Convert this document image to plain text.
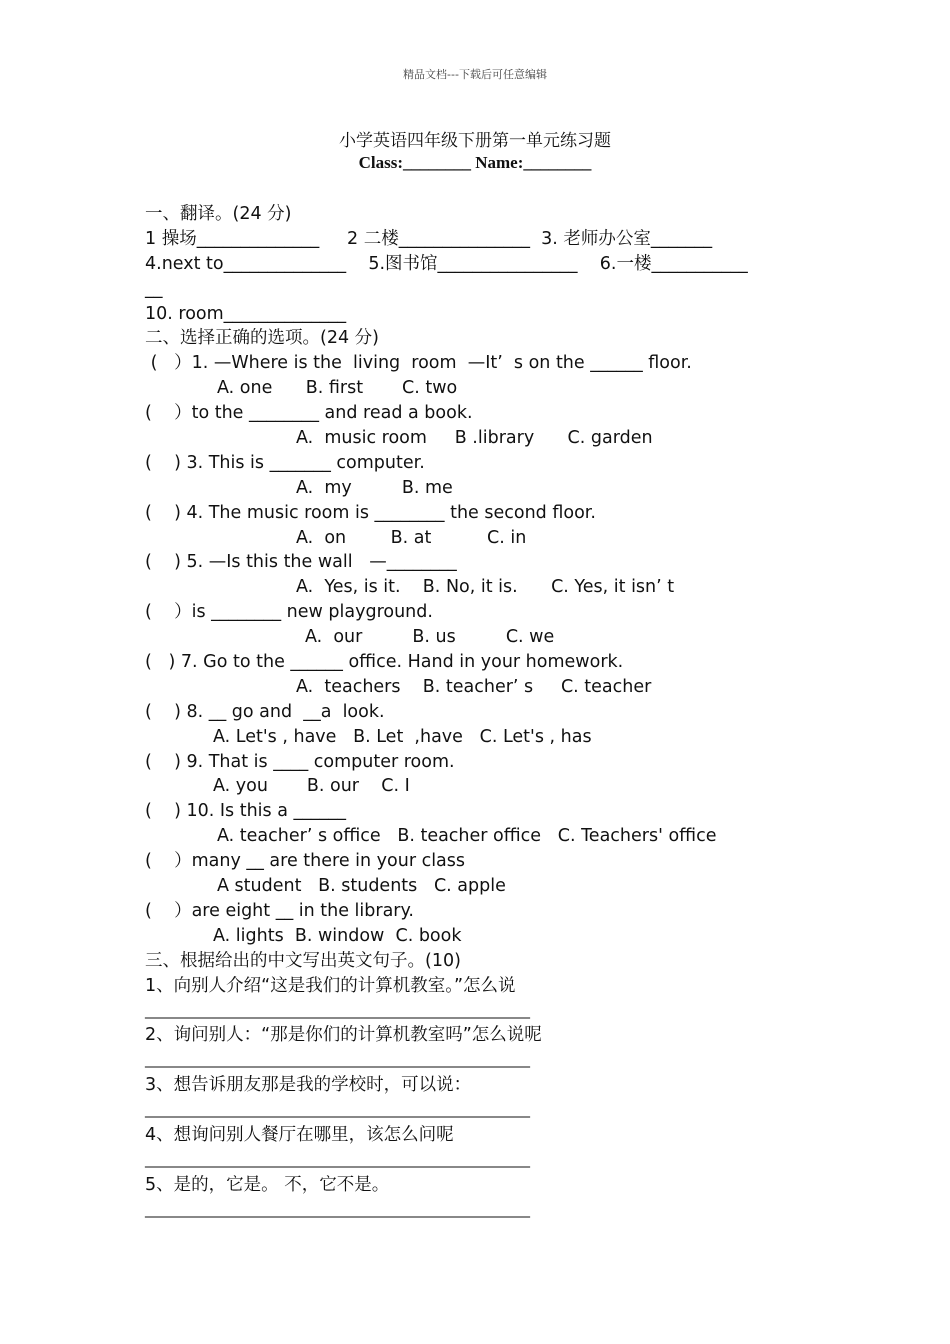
精品文档---下载后可任意编辑
小学英语四年级下册第一单元练习题
Class:________ Name:________
一、翻译。(24 分)
1 操场______________     2 二楼_______________  3. 老师办公室_______
4.next to______________    5.图书馆________________    6.一楼___________
__
10. room______________
二、选择正确的选项。(24 分)
(   ）1. —Where is the  living  room  —It’  s on the ______ floor.
A. one      B. first       C. two
(    ）to the ________ and read a book.
A.  music room     B .library      C. garden
(    ) 3. This is _______ computer.
A.  my         B. me
(    ) 4. The music room is ________ the second floor.
A.  on        B. at          C. in
(    ) 5. —Is this the wall   —________
A.  Yes, is it.    B. No, it is.      C. Yes, it isn’ t
(    ）is ________ new playground.
A.  our         B. us         C. we
(   ) 7. Go to the ______ office. Hand in your homework.
A.  teachers    B. teacher’ s     C. teacher
(    ) 8. __ go and  __a  look.
A. Let's , have   B. Let  ,have   C. Let's , has
(    ) 9. That is ____ computer room.
A. you       B. our    C. I
(    ) 10. Is this a ______
A. teacher’ s office   B. teacher office   C. Teachers' office
(    ）many __ are there in your class
A student   B. students   C. apple
(    ）are eight __ in the library.
A. lights  B. window  C. book
三、根据给出的中文写出英文句子。(10)
1、向别人介绍“这是我们的计算机教室。”怎么说
_______________________________________________________
2、询问别人：“那是你们的计算机教室吗”怎么说呢
_______________________________________________________
3、想告诉朋友那是我的学校时，可以说：
_______________________________________________________
4、想询问别人餐厅在哪里，该怎么问呢
_______________________________________________________
5、是的，它是。 不，它不是。
_______________________________________________________
